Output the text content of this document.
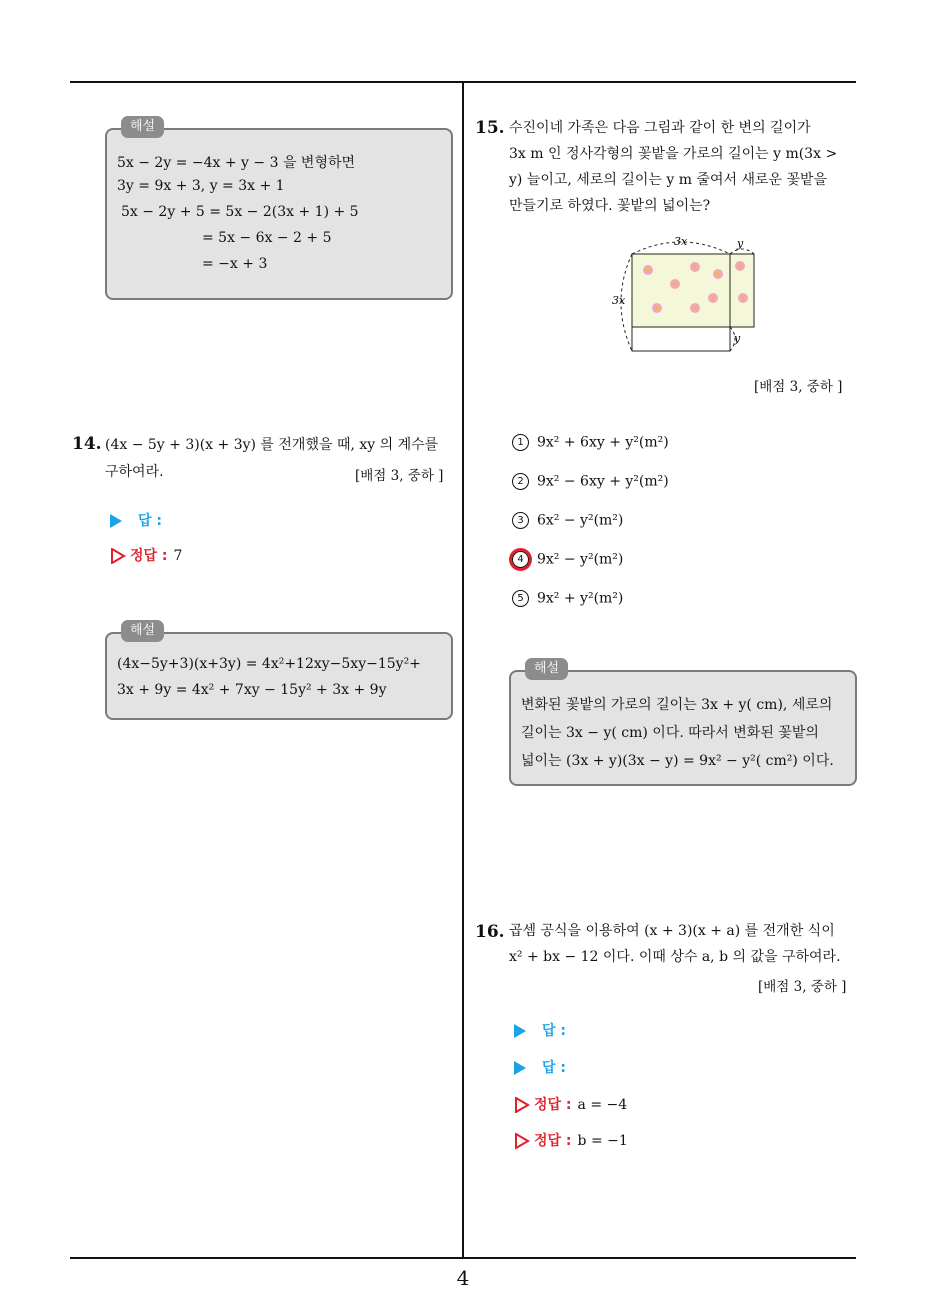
4
해설
5x − 2y = −4x + y − 3 을 변형하면
3y = 9x + 3, y = 3x + 1
5x − 2y + 5 = 5x − 2(3x + 1) + 5
= 5x − 6x − 2 + 5
= −x + 3
14. (4x − 5y + 3)(x + 3y) 를 전개했을 때, xy 의 계수를
구하여라.	[배점 3, 중하 ]
답 :
정답 : 7
해설
(4x−5y+3)(x+3y) = 4x²+12xy−5xy−15y²+
3x + 9y = 4x² + 7xy − 15y² + 3x + 9y
15. 수진이네 가족은 다음 그림과 같이 한 변의 길이가
3x m 인 정사각형의 꽃밭을 가로의 길이는 y m(3x >
y) 늘이고, 세로의 길이는 y m 줄여서 새로운 꽃밭을
만들기로 하였다. 꽃밭의 넓이는?
3x	y
3x
y
[배점 3, 중하 ]
1 9x² + 6xy + y²(m²)
2 9x² − 6xy + y²(m²)
3 6x² − y²(m²)
4 9x² − y²(m²)
5 9x² + y²(m²)
해설
변화된 꽃밭의 가로의 길이는 3x + y( cm), 세로의
길이는 3x − y( cm) 이다. 따라서 변화된 꽃밭의
넓이는 (3x + y)(3x − y) = 9x² − y²( cm²) 이다.
16. 곱셈 공식을 이용하여 (x + 3)(x + a) 를 전개한 식이
x² + bx − 12 이다. 이때 상수 a, b 의 값을 구하여라.
[배점 3, 중하 ]
답 :
답 :
정답 : a = −4
정답 : b = −1
